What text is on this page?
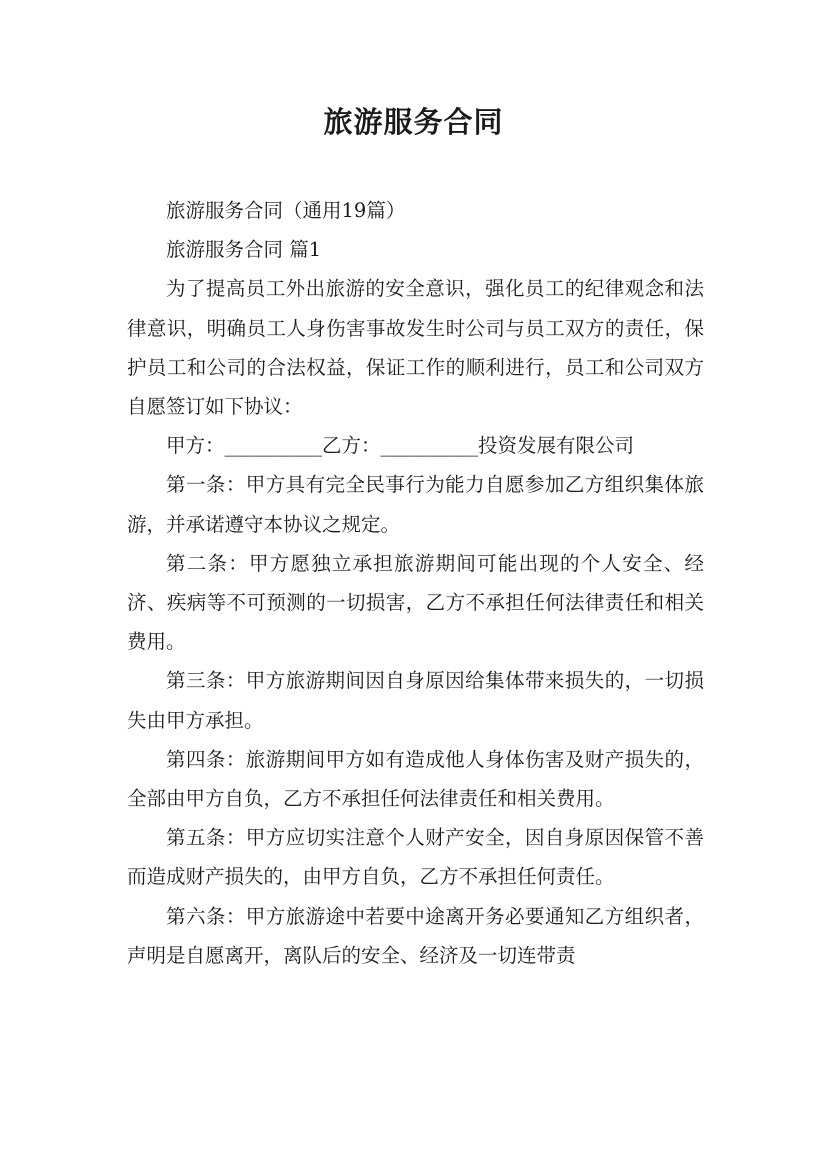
旅游服务合同

旅游服务合同（通用19篇）

旅游服务合同 篇1

为了提高员工外出旅游的安全意识，强化员工的纪律观念和法律意识，明确员工人身伤害事故发生时公司与员工双方的责任，保护员工和公司的合法权益，保证工作的顺利进行，员工和公司双方自愿签订如下协议：

甲方：__________乙方：__________投资发展有限公司

第一条：甲方具有完全民事行为能力自愿参加乙方组织集体旅游，并承诺遵守本协议之规定。

第二条：甲方愿独立承担旅游期间可能出现的个人安全、经济、疾病等不可预测的一切损害，乙方不承担任何法律责任和相关费用。

第三条：甲方旅游期间因自身原因给集体带来损失的，一切损失由甲方承担。

第四条：旅游期间甲方如有造成他人身体伤害及财产损失的，全部由甲方自负，乙方不承担任何法律责任和相关费用。

第五条：甲方应切实注意个人财产安全，因自身原因保管不善而造成财产损失的，由甲方自负，乙方不承担任何责任。

第六条：甲方旅游途中若要中途离开务必要通知乙方组织者，声明是自愿离开，离队后的安全、经济及一切连带责
